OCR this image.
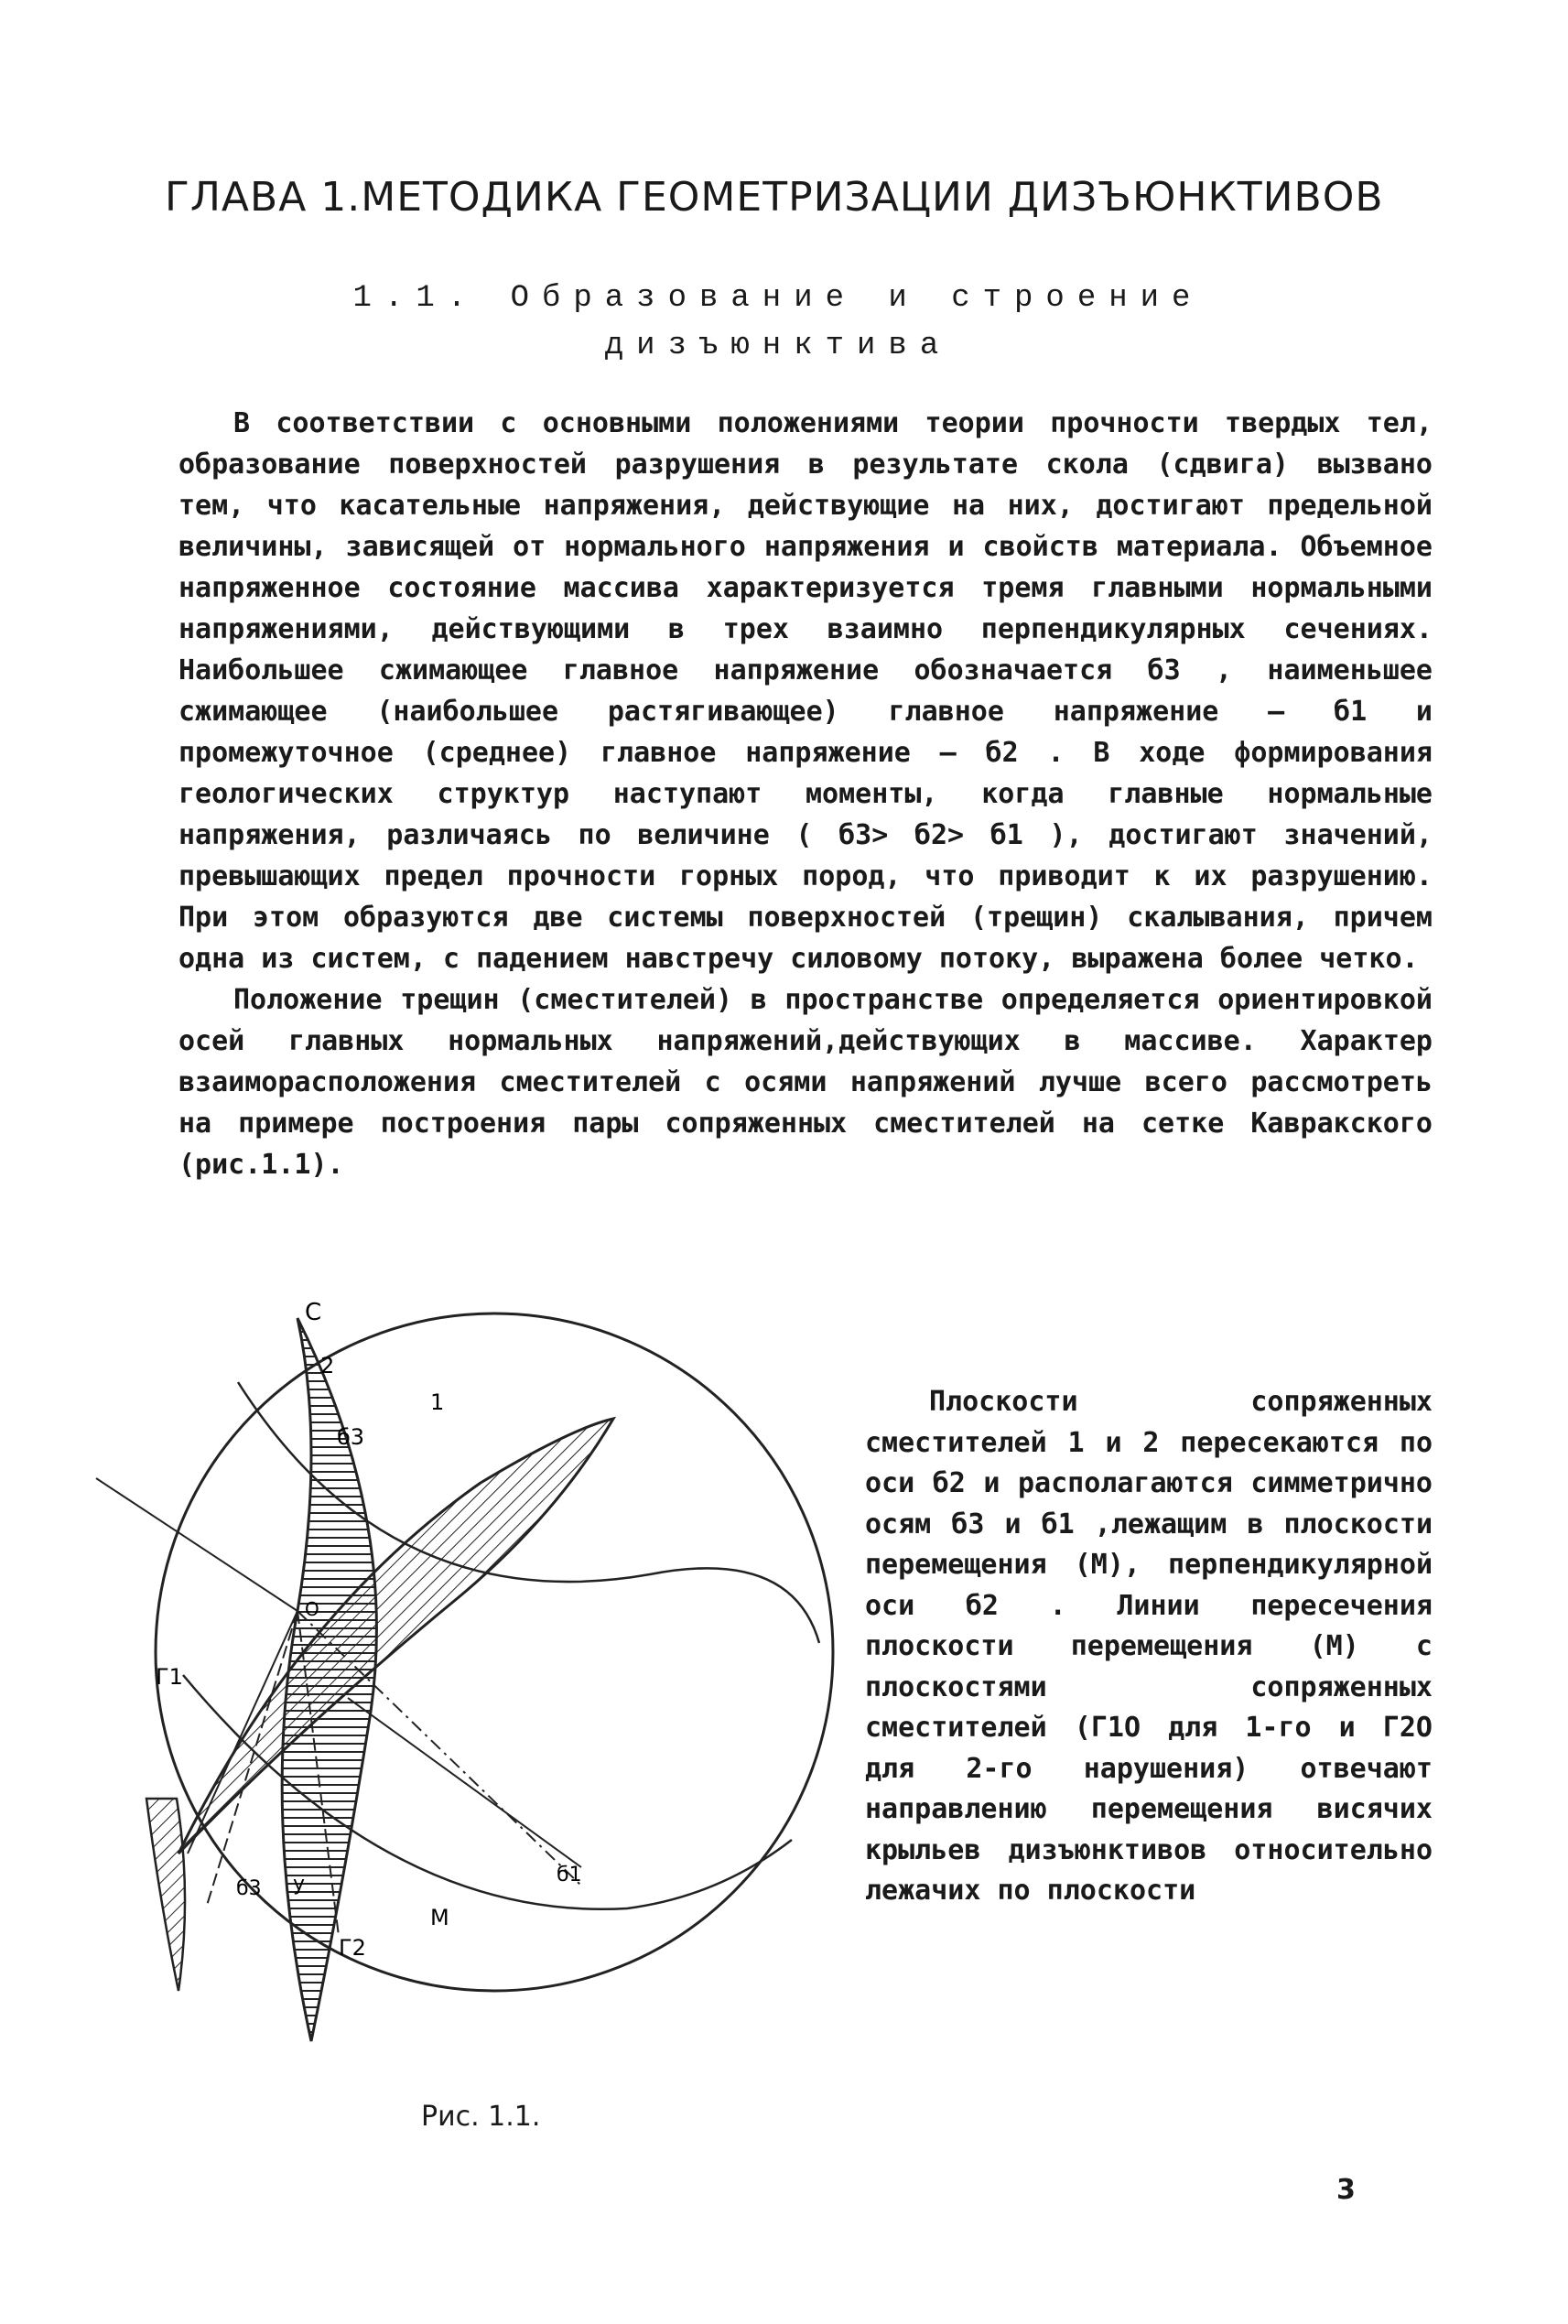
ГЛАВА 1.МЕТОДИКА ГЕОМЕТРИЗАЦИИ ДИЗЪЮНКТИВОВ
1.1. Образование и строение
дизъюнктива

В соответствии с основными положениями теории прочности твердых тел, образование поверхностей разрушения в результате скола (сдвига) вызвано тем, что касательные напряжения, действующие на них, достигают предельной величины, зависящей от нормального напряжения и свойств материала. Объемное напряженное состояние массива характеризуется тремя главными нормальными напряжениями, действующими в трех взаимно перпендикулярных сечениях. Наибольшее сжимающее главное напряжение обозначается б3 , наименьшее сжимающее (наибольшее растягивающее) главное напряжение – б1 и промежуточное (среднее) главное напряжение – б2 . В ходе формирования геологических структур наступают моменты, когда главные нормальные напряжения, различаясь по величине ( б3> б2> б1 ), достигают значений, превышающих предел прочности горных пород, что приводит к их разрушению. При этом образуются две системы поверхностей (трещин) скалывания, причем одна из систем, с падением навстречу силовому потоку, выражена более четко.

Положение трещин (сместителей) в пространстве определяется ориентировкой осей главных нормальных напряжений,действующих в массиве. Характер взаиморасположения сместителей с осями напряжений лучше всего рассмотреть на примере построения пары сопряженных сместителей на сетке Кавракского (рис.1.1).

С
2
1
б3
О
Г1
Г2
б3 у
М
б1

Плоскости сопряженных сместителей 1 и 2 пересекаются по оси б2 и располагаются симметрично осям б3 и б1 ,лежащим в плоскости перемещения (M), перпендикулярной оси б2 . Линии пересечения плоскости перемещения (M) с плоскостями сопряженных сместителей (Г1О для 1-го и Г2О для 2-го нарушения) отвечают направлению перемещения висячих крыльев дизъюнктивов относительно лежачих по плоскости

Рис. 1.1.
3
